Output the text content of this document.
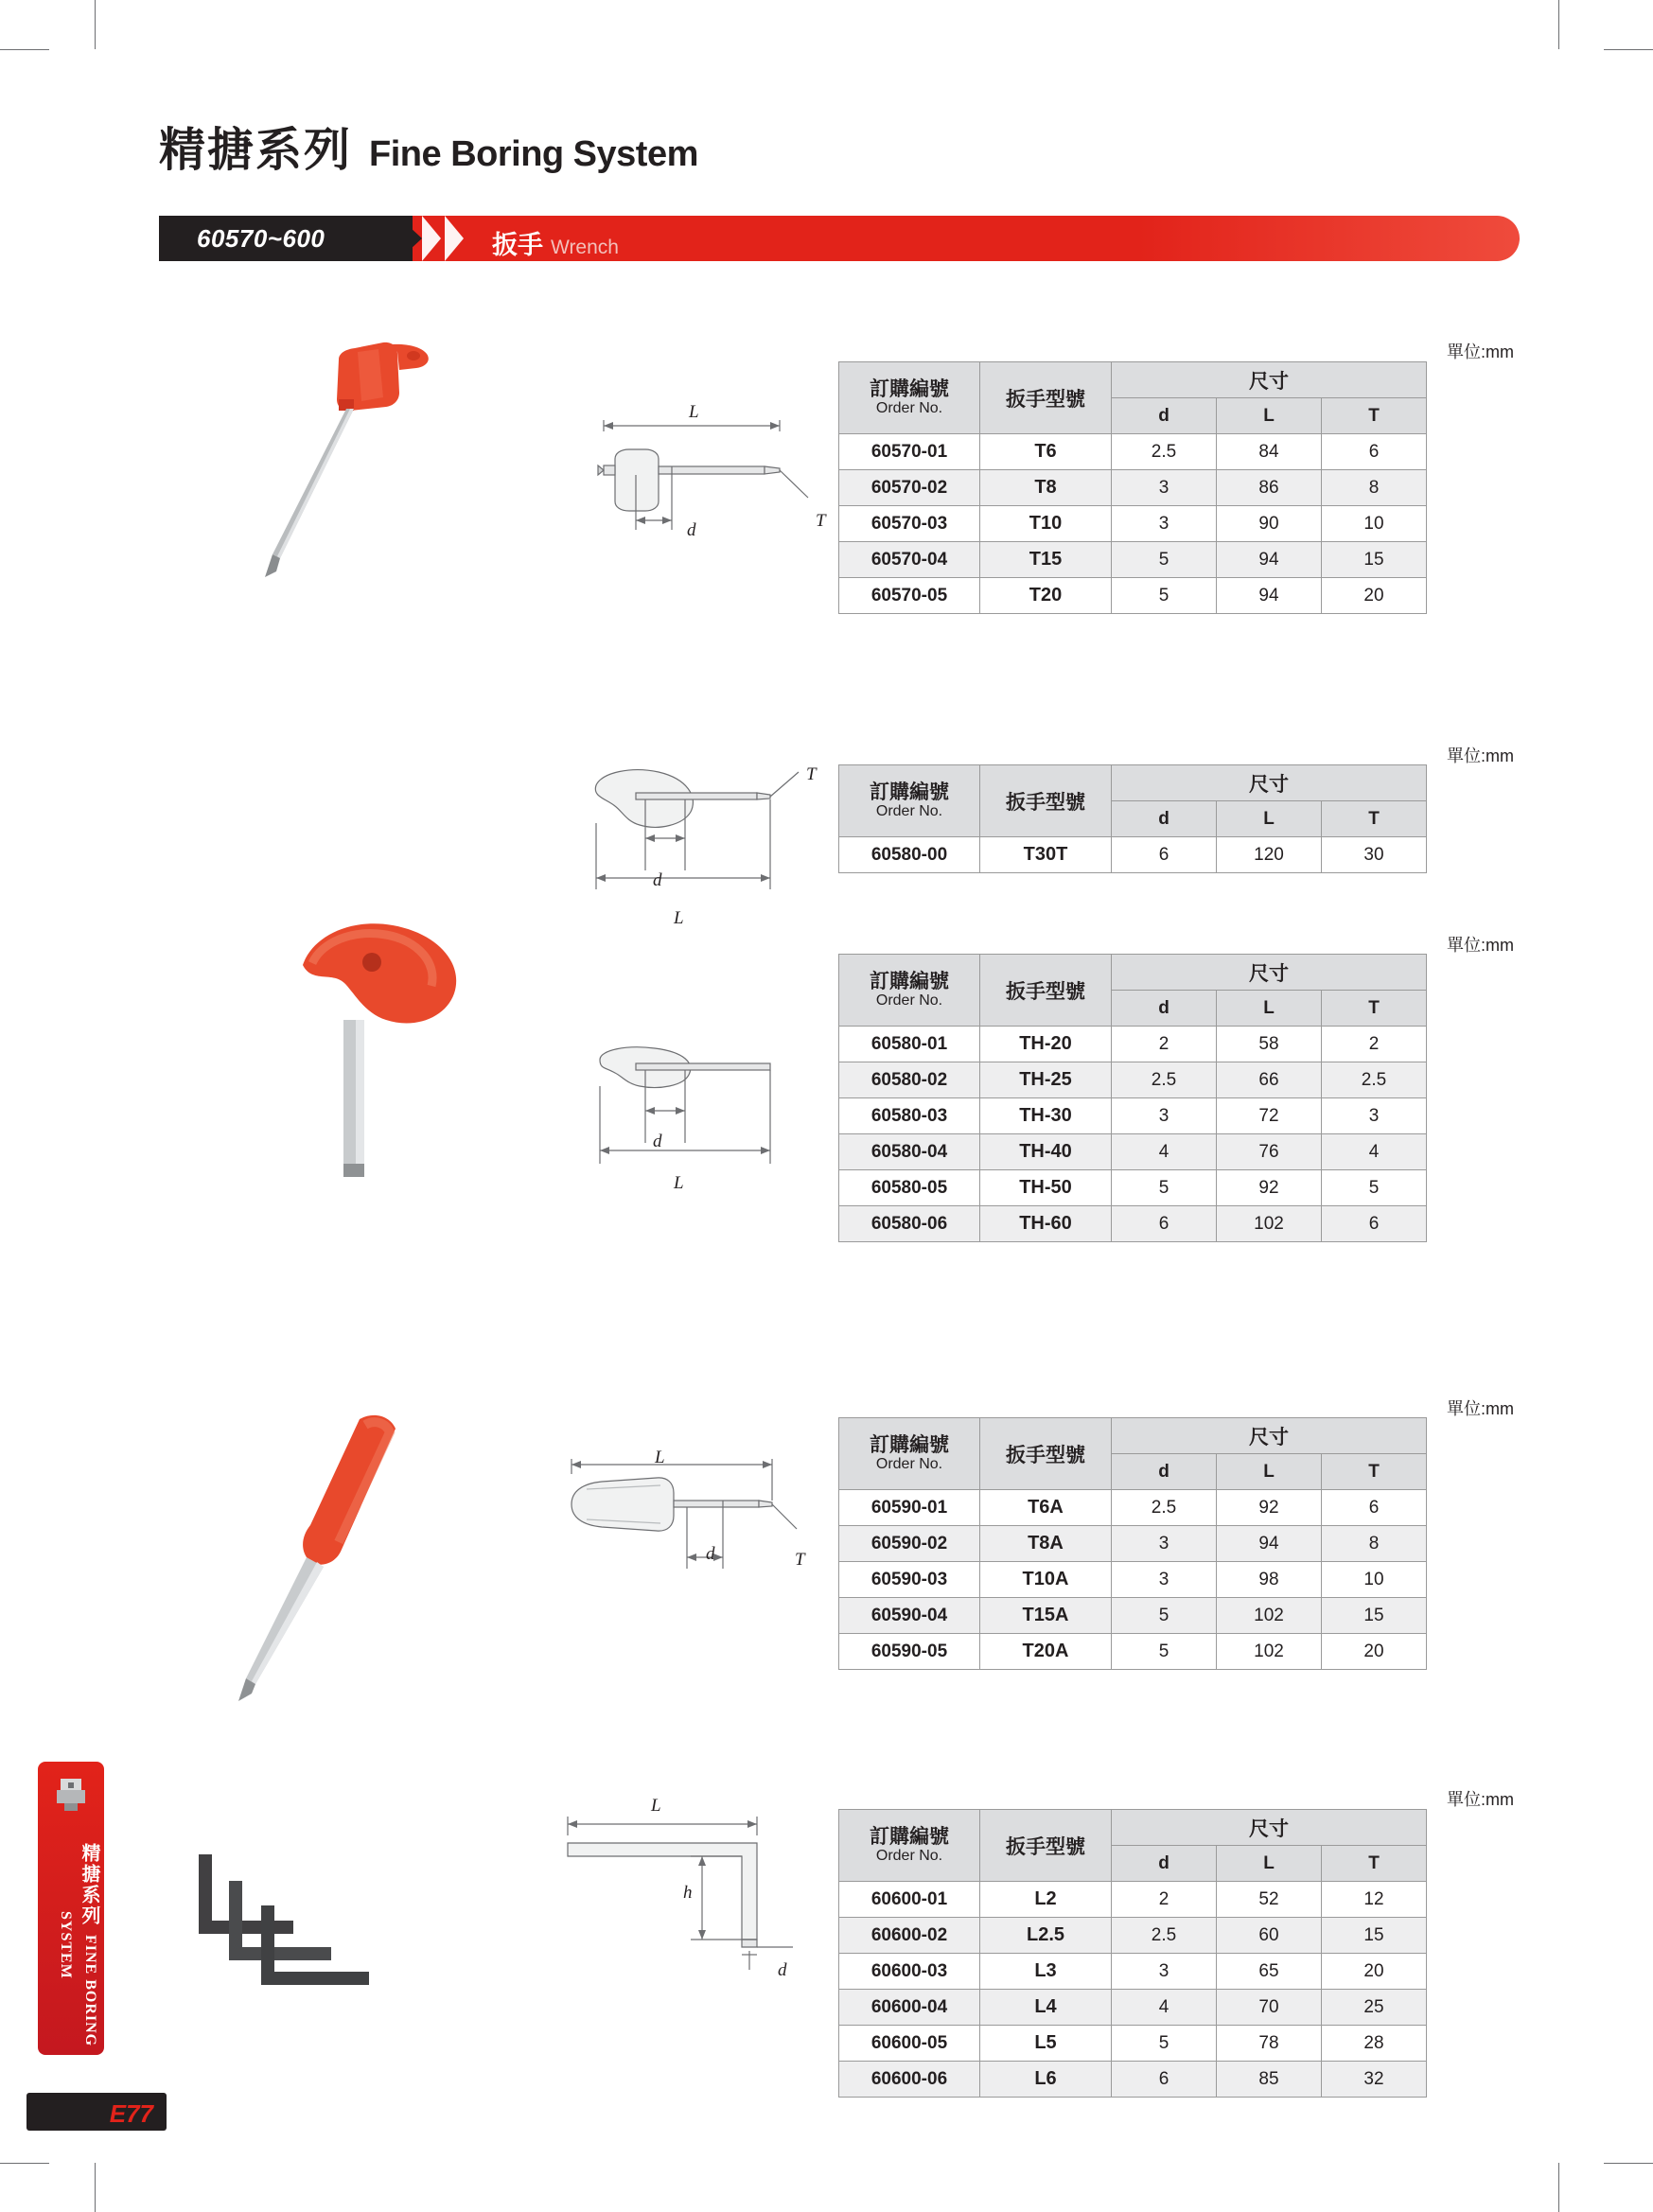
精搪系列 Fine Boring System
60570~600	扳手 Wrench
L
d	T
單位:mm
訂購編號
Order No.	扳手型號	尺寸		
		d	L	T
60570-01	T6	2.5	84	6
60570-02	T8	3	86	8
60570-03	T10	3	90	10
60570-04	T15	5	94	15
60570-05	T20	5	94	20
T
d
L
單位:mm
訂購編號
Order No.	扳手型號	尺寸		
		d	L	T
60580-00	T30T	6	120	30
d
L
單位:mm
訂購編號
Order No.	扳手型號	尺寸		
		d	L	T
60580-01	TH-20	2	58	2
60580-02	TH-25	2.5	66	2.5
60580-03	TH-30	3	72	3
60580-04	TH-40	4	76	4
60580-05	TH-50	5	92	5
60580-06	TH-60	6	102	6
L
d	T
單位:mm
訂購編號
Order No.	扳手型號	尺寸		
		d	L	T
60590-01	T6A	2.5	92	6
60590-02	T8A	3	94	8
60590-03	T10A	3	98	10
60590-04	T15A	5	102	15
60590-05	T20A	5	102	20
L
h
d
單位:mm
訂購編號
Order No.	扳手型號	尺寸		
		d	L	T
60600-01	L2	2	52	12
60600-02	L2.5	2.5	60	15
60600-03	L3	3	65	20
60600-04	L4	4	70	25
60600-05	L5	5	78	28
60600-06	L6	6	85	32
精搪系列 FINE BORING SYSTEM
E77
